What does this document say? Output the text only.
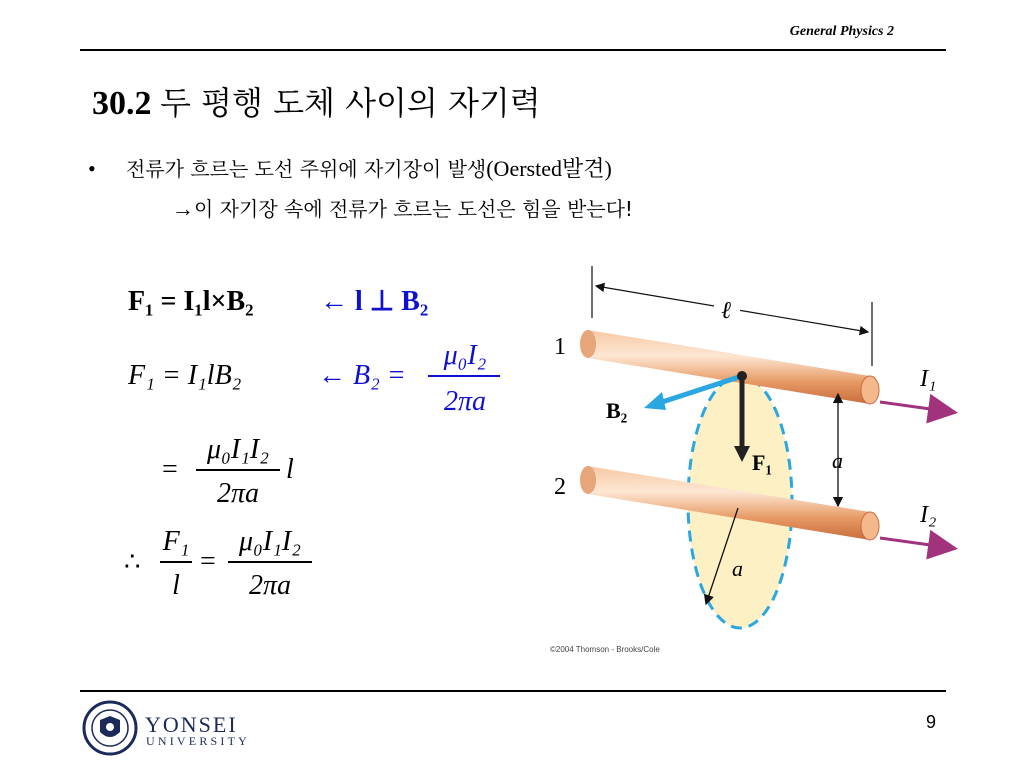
General Physics 2
30.2 두 평행 도체 사이의 자기력
• 전류가 흐르는 도선 주위에 자기장이 발생(Oersted발견)
→이 자기장 속에 전류가 흐르는 도선은 힘을 받는다!
F₁ = I₁l×B₂ ← l ⊥ B₂
F₁ = I₁lB₂	← B₂ =
μ₀I₂
2πa
=
μ₀I₁I₂
2πa
l
∴
F₁
l
=
μ₀I₁I₂
2πa
ℓ
1
2
I₁
I₂
a
B₂
F₁
a
©2004 Thomson - Brooks/Cole
YONSEI
UNIVERSITY
9
